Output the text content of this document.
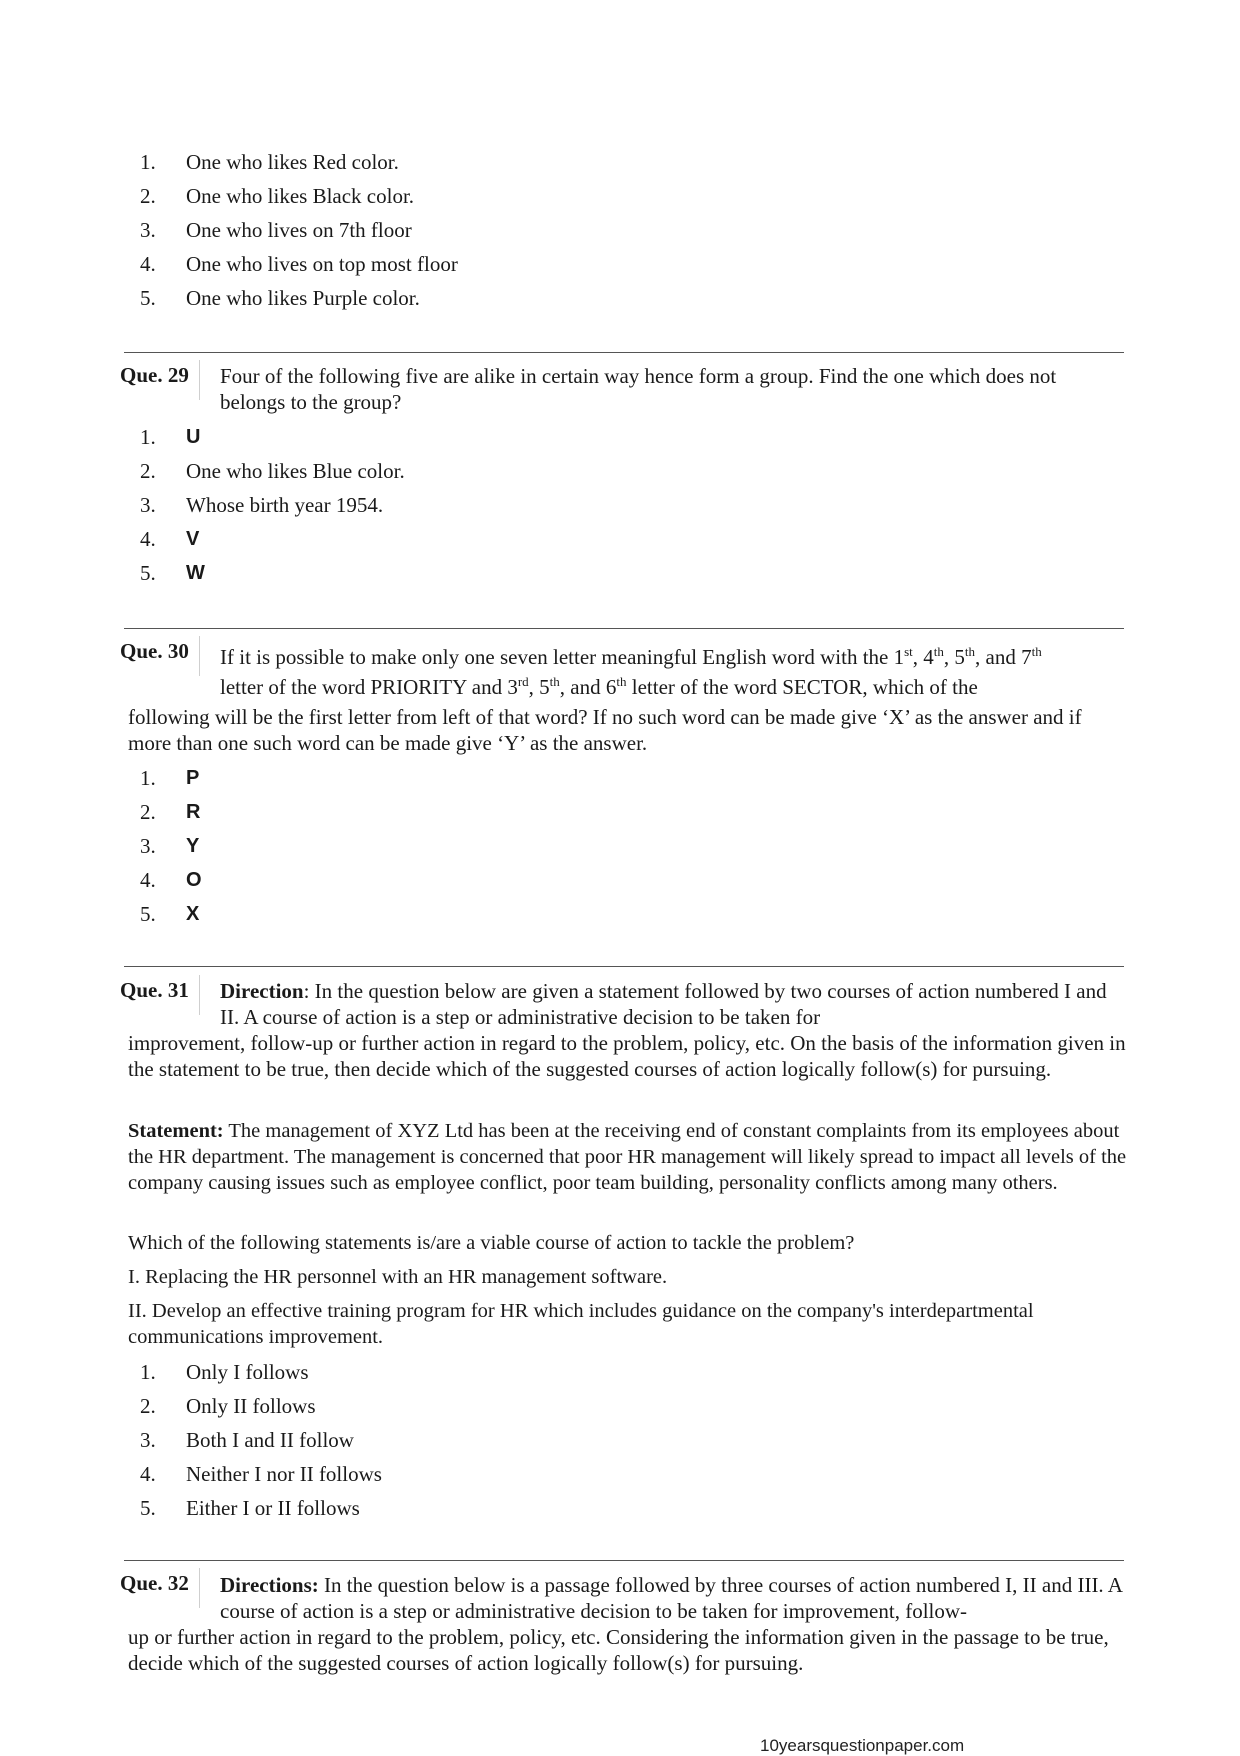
1.	One who likes Red color.
2.	One who likes Black color.
3.	One who lives on 7th floor
4.	One who lives on top most floor
5.	One who likes Purple color.
Que. 29	Four of the following five are alike in certain way hence form a group. Find the one which does not belongs to the group?
1.	U
2.	One who likes Blue color.
3.	Whose birth year 1954.
4.	V
5.	W
Que. 30	If it is possible to make only one seven letter meaningful English word with the 1st, 4th, 5th, and 7th
letter of the word PRIORITY and 3rd, 5th, and 6th letter of the word SECTOR, which of the
following will be the first letter from left of that word? If no such word can be made give ‘X’ as the answer and if more than one such word can be made give ‘Y’ as the answer.
1.	P
2.	R
3.	Y
4.	O
5.	X
Que. 31	Direction: In the question below are given a statement followed by two courses of action numbered I and II. A course of action is a step or administrative decision to be taken for
improvement, follow-up or further action in regard to the problem, policy, etc. On the basis of the information given in the statement to be true, then decide which of the suggested courses of action logically follow(s) for pursuing.
Statement: The management of XYZ Ltd has been at the receiving end of constant complaints from its employees about the HR department. The management is concerned that poor HR management will likely spread to impact all levels of the company causing issues such as employee conflict, poor team building, personality conflicts among many others.
Which of the following statements is/are a viable course of action to tackle the problem?
I. Replacing the HR personnel with an HR management software.
II. Develop an effective training program for HR which includes guidance on the company's interdepartmental communications improvement.
1.	Only I follows
2.	Only II follows
3.	Both I and II follow
4.	Neither I nor II follows
5.	Either I or II follows
Que. 32	Directions: In the question below is a passage followed by three courses of action numbered I, II and III. A course of action is a step or administrative decision to be taken for improvement, follow-
up or further action in regard to the problem, policy, etc. Considering the information given in the passage to be true, decide which of the suggested courses of action logically follow(s) for pursuing.
10yearsquestionpaper.com
